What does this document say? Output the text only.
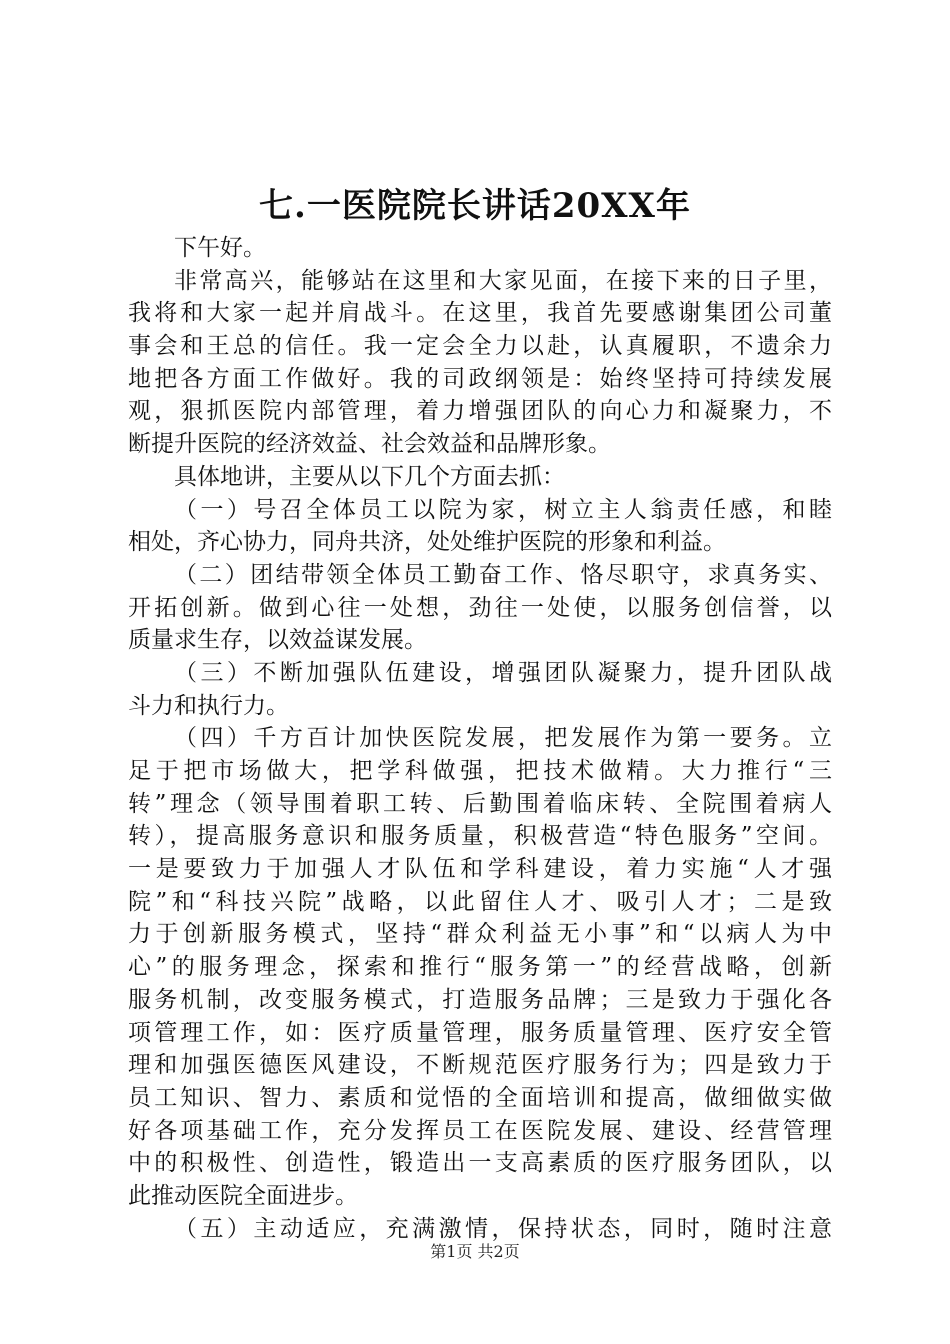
七.一医院院长讲话20XX年
下午好。
非常高兴，能够站在这里和大家见面，在接下来的日子里，
我将和大家一起并肩战斗。在这里，我首先要感谢集团公司董
事会和王总的信任。我一定会全力以赴，认真履职，不遗余力
地把各方面工作做好。我的司政纲领是：始终坚持可持续发展
观，狠抓医院内部管理，着力增强团队的向心力和凝聚力，不
断提升医院的经济效益、社会效益和品牌形象。
具体地讲，主要从以下几个方面去抓：
（一）号召全体员工以院为家，树立主人翁责任感，和睦
相处，齐心协力，同舟共济，处处维护医院的形象和利益。
（二）团结带领全体员工勤奋工作、恪尽职守，求真务实、
开拓创新。做到心往一处想，劲往一处使，以服务创信誉，以
质量求生存，以效益谋发展。
（三）不断加强队伍建设，增强团队凝聚力，提升团队战
斗力和执行力。
（四）千方百计加快医院发展，把发展作为第一要务。立
足于把市场做大，把学科做强，把技术做精。大力推行“三
转”理念（领导围着职工转、后勤围着临床转、全院围着病人
转），提高服务意识和服务质量，积极营造“特色服务”空间。
一是要致力于加强人才队伍和学科建设，着力实施“人才强
院”和“科技兴院”战略，以此留住人才、吸引人才；二是致
力于创新服务模式，坚持“群众利益无小事”和“以病人为中
心”的服务理念，探索和推行“服务第一”的经营战略，创新
服务机制，改变服务模式，打造服务品牌；三是致力于强化各
项管理工作，如：医疗质量管理，服务质量管理、医疗安全管
理和加强医德医风建设，不断规范医疗服务行为；四是致力于
员工知识、智力、素质和觉悟的全面培训和提高，做细做实做
好各项基础工作，充分发挥员工在医院发展、建设、经营管理
中的积极性、创造性，锻造出一支高素质的医疗服务团队，以
此推动医院全面进步。
（五）主动适应，充满激情，保持状态，同时，随时注意
第1页 共2页
